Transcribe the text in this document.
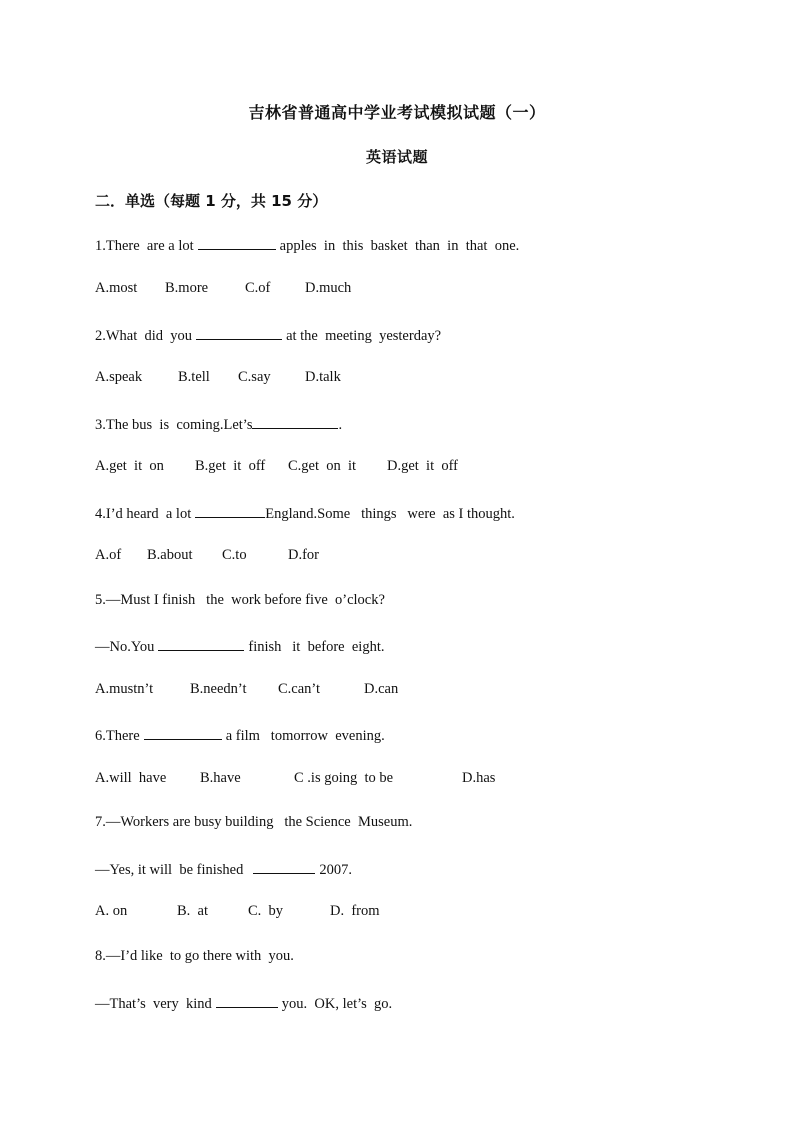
吉林省普通高中学业考试模拟试题（一）
英语试题
二．单选（每题 1 分，共 15 分）
1.There  are a lot	apples  in  this  basket  than  in  that  one.
A.most B.more	C.of D.much
2.What  did  you	at the  meeting  yesterday?
A.speak B.tell C.say D.talk
3.The bus  is  coming.Let’s	.
A.get  it  on B.get  it  off C.get  on  it D.get  it  off
4.I’d heard  a lot	England.Some   things   were  as I thought.
A.of B.about C.to	D.for
5.—Must I finish   the  work before five  o’clock?
—No.You	finish   it  before  eight.
A.mustn’t	B.needn’t C.can’t	D.can
6.There	a film   tomorrow  evening.
A.will  have B.have	C .is going  to be	D.has
7.—Workers are busy building   the Science  Museum.
—Yes, it will  be finished	2007.
A. on	B.  at	C.  by	D.  from
8.—I’d like  to go there with  you.
—That’s  very  kind	you.  OK, let’s  go.
